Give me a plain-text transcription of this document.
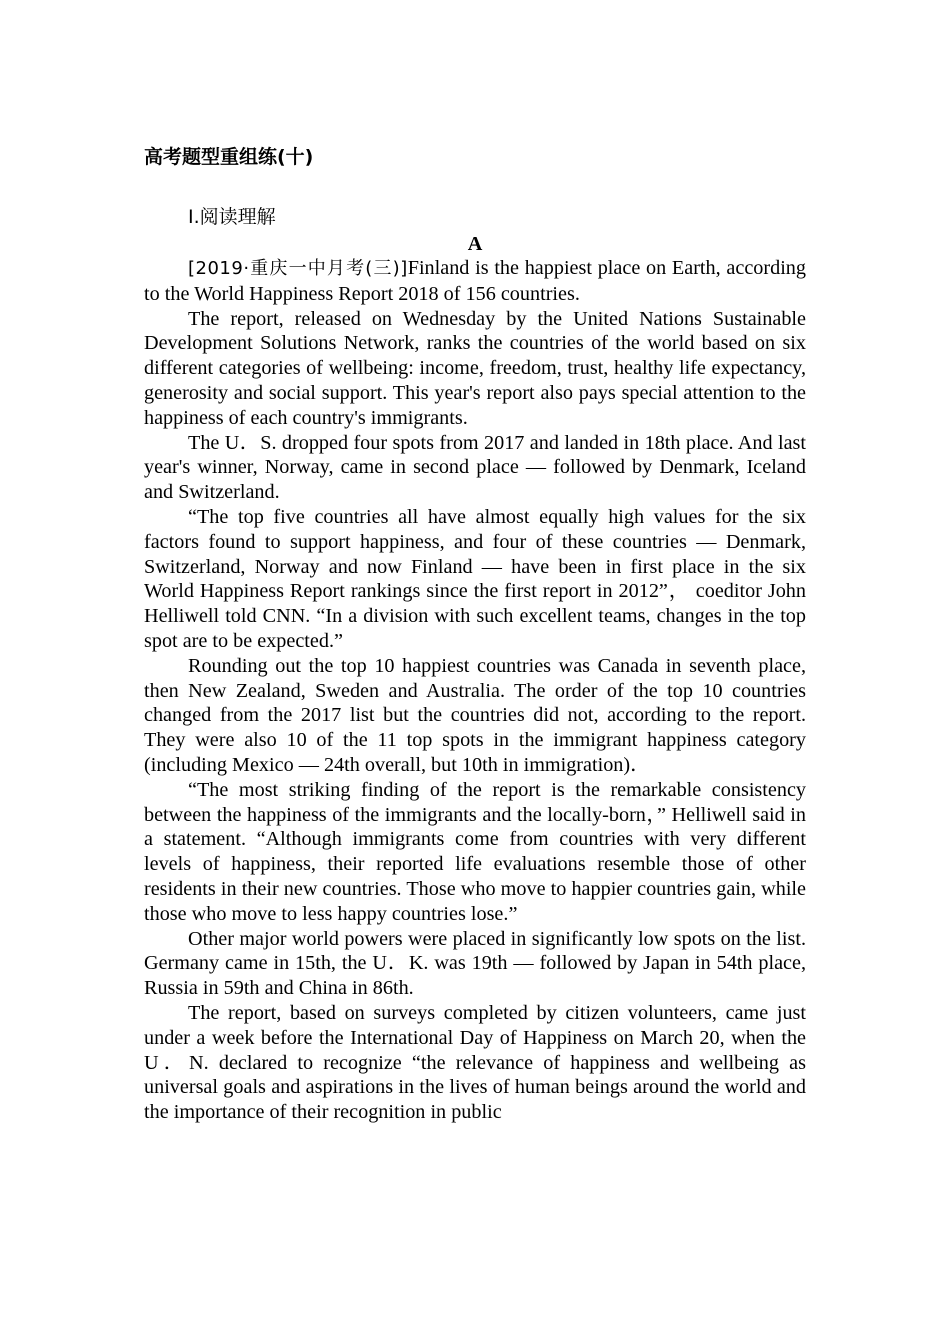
高考题型重组练(十)

Ⅰ.阅读理解

A

[2019·重庆一中月考(三)]Finland is the happiest place on Earth, according to the World Happiness Report 2018 of 156 countries.

The report, released on Wednesday by the United Nations Sustainable Development Solutions Network, ranks the countries of the world based on six different categories of wellbeing: income, freedom, trust, healthy life expectancy, generosity and social support. This year's report also pays special attention to the happiness of each country's immigrants.

The U．S. dropped four spots from 2017 and landed in 18th place. And last year's winner, Norway, came in second place — followed by Denmark, Iceland and Switzerland.

“The top five countries all have almost equally high values for the six factors found to support happiness, and four of these countries — Denmark, Switzerland, Norway and now Finland — have been in first place in the six World Happiness Report rankings since the first report in 2012”， coeditor John Helliwell told CNN. “In a division with such excellent teams, changes in the top spot are to be expected.”

Rounding out the top 10 happiest countries was Canada in seventh place, then New Zealand, Sweden and Australia. The order of the top 10 countries changed from the 2017 list but the countries did not, according to the report. They were also 10 of the 11 top spots in the immigrant happiness category (including Mexico — 24th overall, but 10th in immigration)．

“The most striking finding of the report is the remarkable consistency between the happiness of the immigrants and the locally-born，” Helliwell said in a statement. “Although immigrants come from countries with very different levels of happiness, their reported life evaluations resemble those of other residents in their new countries. Those who move to happier countries gain, while those who move to less happy countries lose.”

Other major world powers were placed in significantly low spots on the list. Germany came in 15th, the U．K. was 19th — followed by Japan in 54th place, Russia in 59th and China in 86th.

The report, based on surveys completed by citizen volunteers, came just under a week before the International Day of Happiness on March 20, when the U．N. declared to recognize “the relevance of happiness and wellbeing as universal goals and aspirations in the lives of human beings around the world and the importance of their recognition in public
